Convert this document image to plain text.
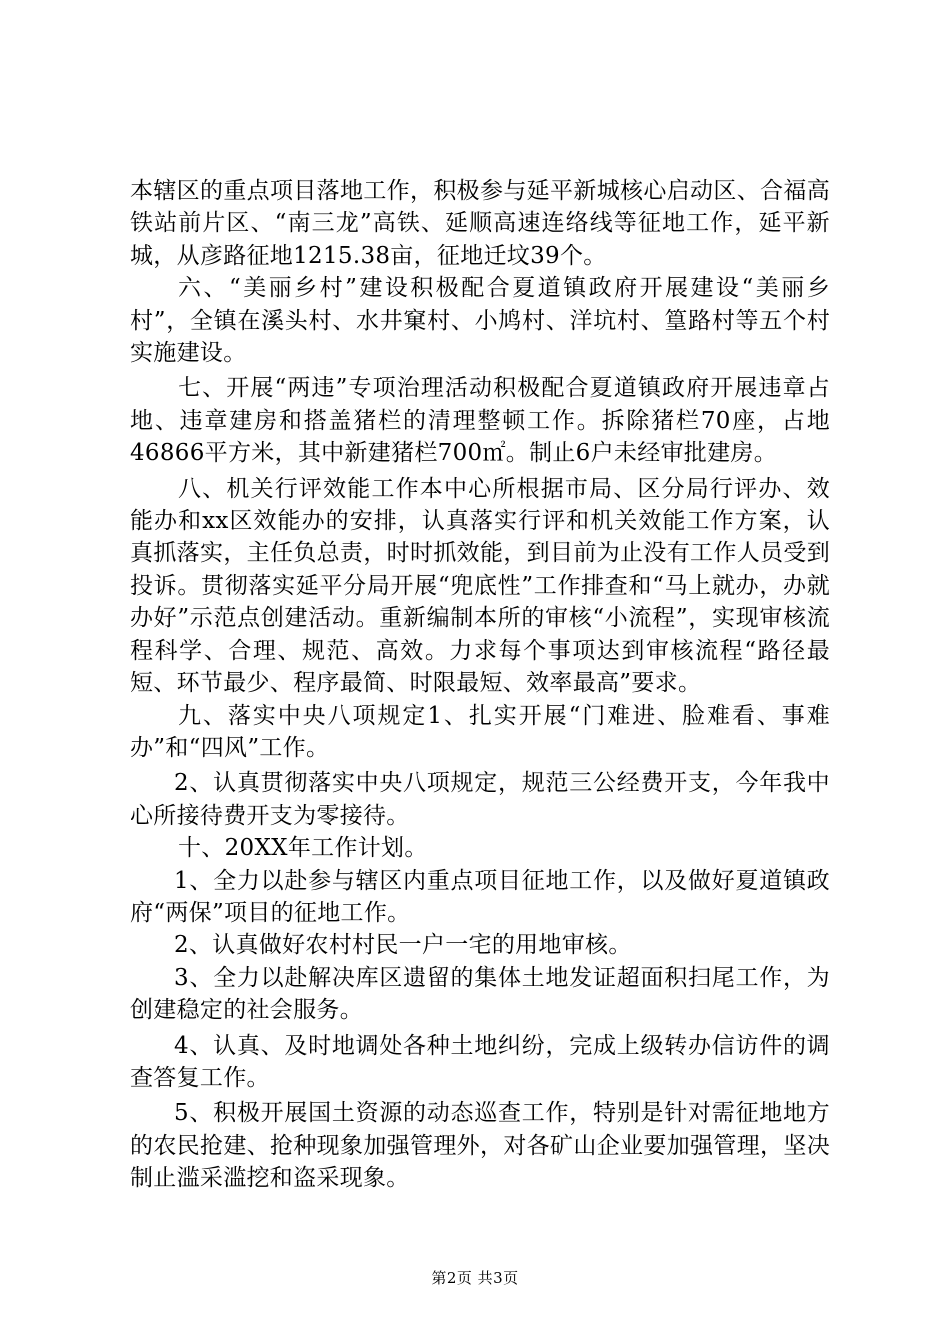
本辖区的重点项目落地工作，积极参与延平新城核心启动区、合福高铁站前片区、“南三龙”高铁、延顺高速连络线等征地工作，延平新城，从彦路征地1215.38亩，征地迁坟39个。

六、“美丽乡村”建设积极配合夏道镇政府开展建设“美丽乡村”，全镇在溪头村、水井窠村、小鸠村、洋坑村、篁路村等五个村实施建设。

七、开展“两违”专项治理活动积极配合夏道镇政府开展违章占地、违章建房和搭盖猪栏的清理整顿工作。拆除猪栏70座，占地46866平方米，其中新建猪栏700㎡。制止6户未经审批建房。

八、机关行评效能工作本中心所根据市局、区分局行评办、效能办和xx区效能办的安排，认真落实行评和机关效能工作方案，认真抓落实，主任负总责，时时抓效能，到目前为止没有工作人员受到投诉。贯彻落实延平分局开展“兜底性”工作排查和“马上就办，办就办好”示范点创建活动。重新编制本所的审核“小流程”，实现审核流程科学、合理、规范、高效。力求每个事项达到审核流程“路径最短、环节最少、程序最简、时限最短、效率最高”要求。

九、落实中央八项规定1、扎实开展“门难进、脸难看、事难办”和“四风”工作。

2、认真贯彻落实中央八项规定，规范三公经费开支，今年我中心所接待费开支为零接待。

十、20XX年工作计划。

1、全力以赴参与辖区内重点项目征地工作，以及做好夏道镇政府“两保”项目的征地工作。

2、认真做好农村村民一户一宅的用地审核。

3、全力以赴解决库区遗留的集体土地发证超面积扫尾工作，为创建稳定的社会服务。

4、认真、及时地调处各种土地纠纷，完成上级转办信访件的调查答复工作。

5、积极开展国土资源的动态巡查工作，特别是针对需征地地方的农民抢建、抢种现象加强管理外，对各矿山企业要加强管理，坚决制止滥采滥挖和盗采现象。

第2页 共3页
